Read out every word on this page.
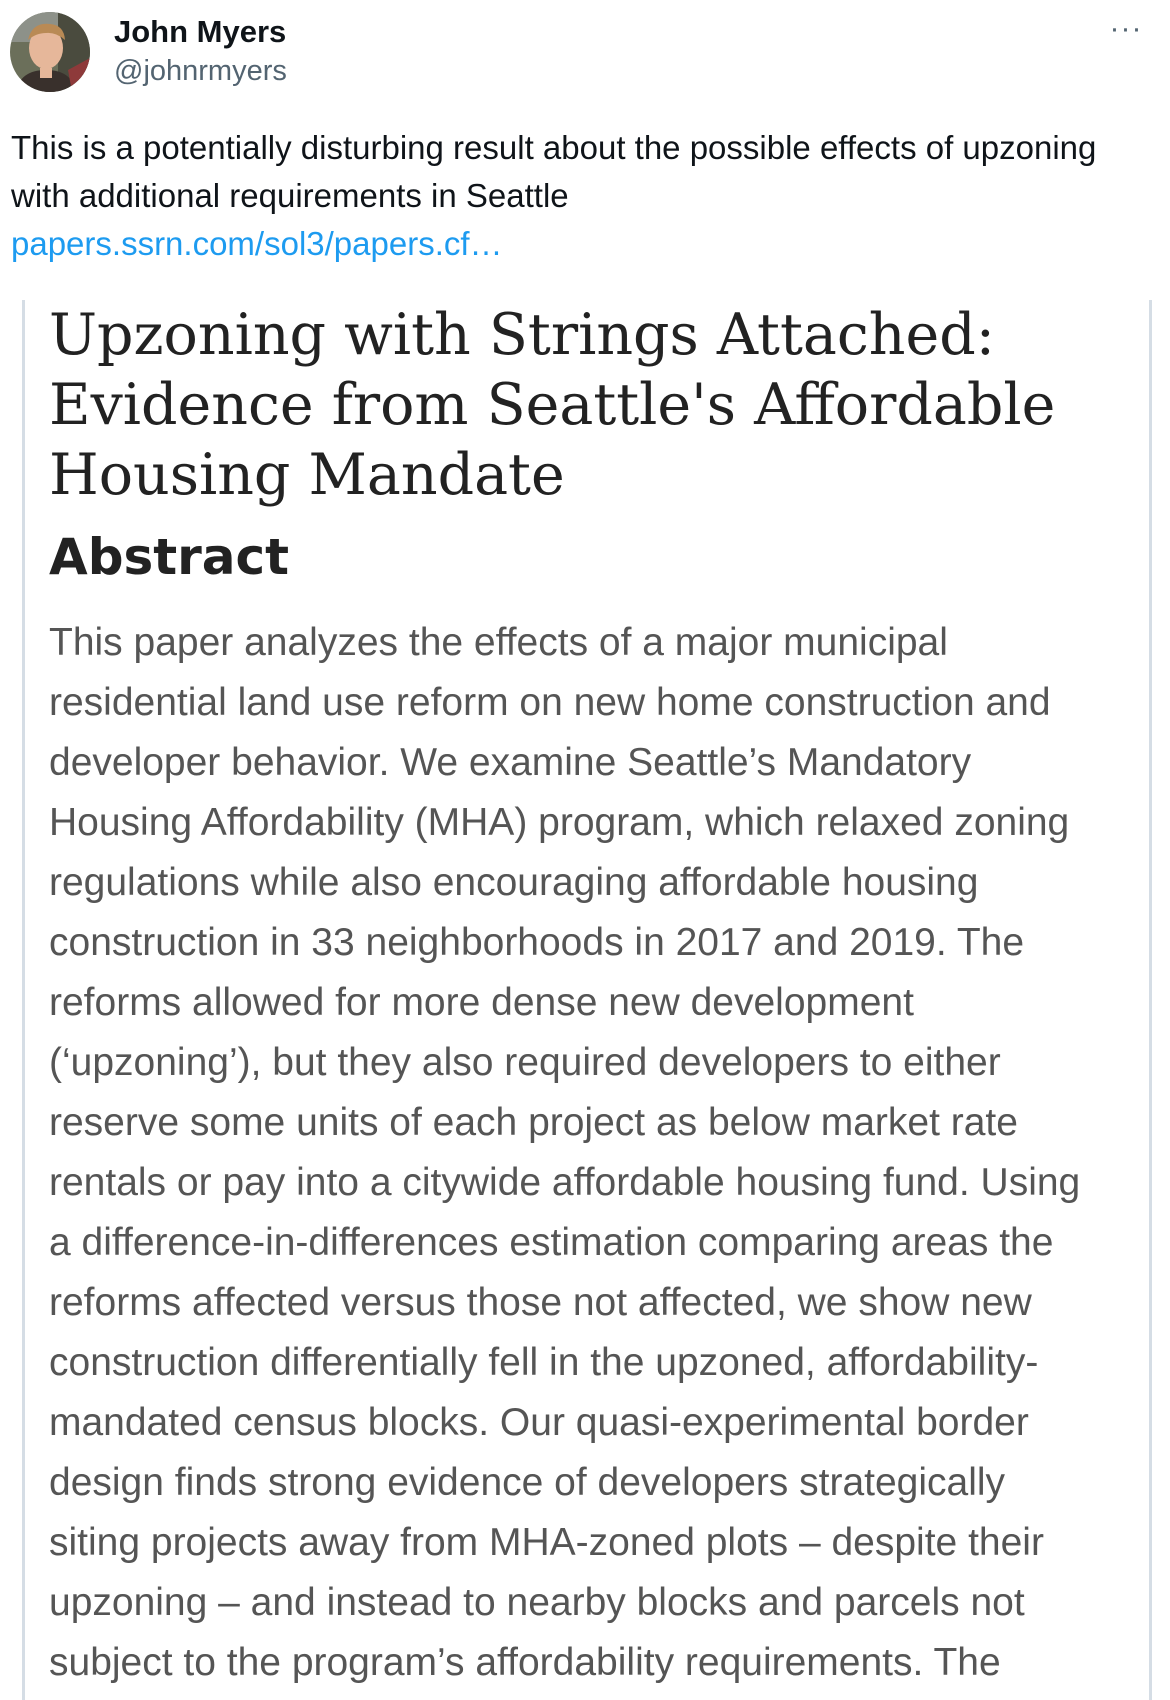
John Myers
@johnrmyers
···
This is a potentially disturbing result about the possible effects of upzoning with additional requirements in Seattle
papers.ssrn.com/sol3/papers.cf…
Upzoning with Strings Attached:
Evidence from Seattle's Affordable
Housing Mandate
Abstract
This paper analyzes the effects of a major municipal
residential land use reform on new home construction and
developer behavior. We examine Seattle’s Mandatory
Housing Affordability (MHA) program, which relaxed zoning
regulations while also encouraging affordable housing
construction in 33 neighborhoods in 2017 and 2019. The
reforms allowed for more dense new development
(‘upzoning’), but they also required developers to either
reserve some units of each project as below market rate
rentals or pay into a citywide affordable housing fund. Using
a difference-in-differences estimation comparing areas the
reforms affected versus those not affected, we show new
construction differentially fell in the upzoned, affordability-
mandated census blocks. Our quasi-experimental border
design finds strong evidence of developers strategically
siting projects away from MHA-zoned plots – despite their
upzoning – and instead to nearby blocks and parcels not
subject to the program’s affordability requirements. The
